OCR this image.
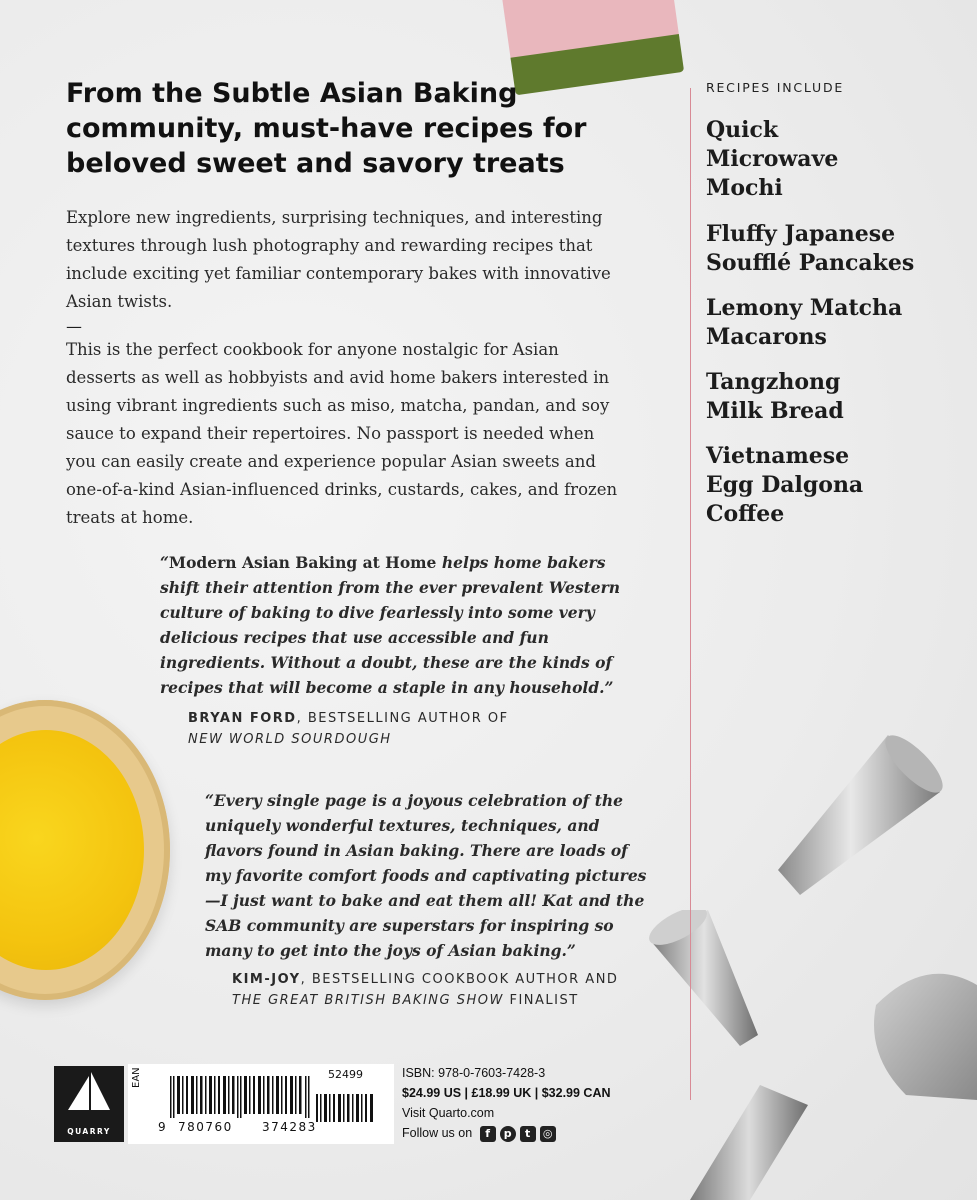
From the Subtle Asian Baking community, must-have recipes for beloved sweet and savory treats

Explore new ingredients, surprising techniques, and interesting textures through lush photography and rewarding recipes that include exciting yet familiar contemporary bakes with innovative Asian twists.

—

This is the perfect cookbook for anyone nostalgic for Asian desserts as well as hobbyists and avid home bakers interested in using vibrant ingredients such as miso, matcha, pandan, and soy sauce to expand their repertoires. No passport is needed when you can easily create and experience popular Asian sweets and one-of-a-kind Asian-influenced drinks, custards, cakes, and frozen treats at home.

“Modern Asian Baking at Home helps home bakers shift their attention from the ever prevalent Western culture of baking to dive fearlessly into some very delicious recipes that use accessible and fun ingredients. Without a doubt, these are the kinds of recipes that will become a staple in any household.”

BRYAN FORD, BESTSELLING AUTHOR OF
NEW WORLD SOURDOUGH

“Every single page is a joyous celebration of the uniquely wonderful textures, techniques, and flavors found in Asian baking. There are loads of my favorite comfort foods and captivating pictures—I just want to bake and eat them all! Kat and the SAB community are superstars for inspiring so many to get into the joys of Asian baking.”

KIM-JOY, BESTSELLING COOKBOOK AUTHOR AND
THE GREAT BRITISH BAKING SHOW FINALIST

RECIPES INCLUDE

Quick Microwave Mochi

Fluffy Japanese Soufflé Pancakes

Lemony Matcha Macarons

Tangzhong Milk Bread

Vietnamese Egg Dalgona Coffee

QUARRY
EAN
9 780760 374283
52499	ISBN: 978-0-7603-7428-3
$24.99 US | £18.99 UK | $32.99 CAN
Visit Quarto.com
Follow us on	f	p	t	◎
